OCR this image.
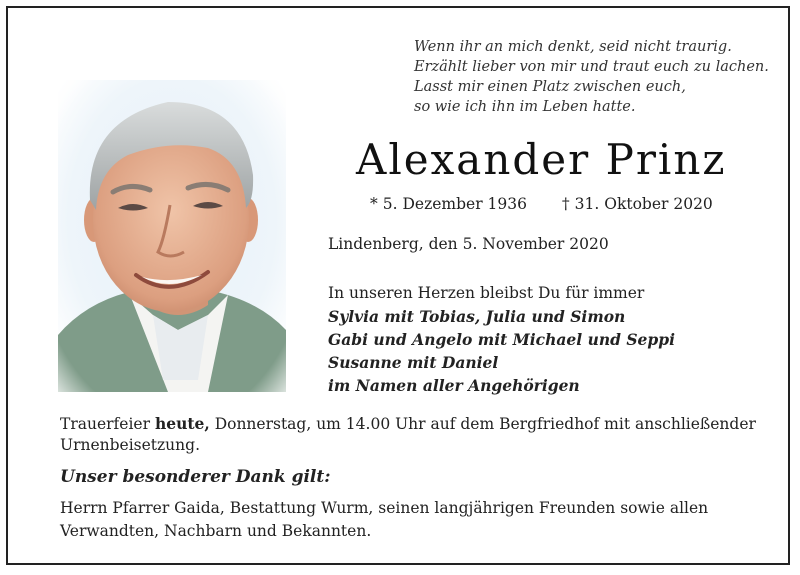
Wenn ihr an mich denkt, seid nicht traurig.
Erzählt lieber von mir und traut euch zu lachen.
Lasst mir einen Platz zwischen euch,
so wie ich ihn im Leben hatte.
Alexander Prinz
* 5. Dezember 1936 † 31. Oktober 2020
Lindenberg, den 5. November 2020
In unseren Herzen bleibst Du für immer
Sylvia mit Tobias, Julia und Simon
Gabi und Angelo mit Michael und Seppi
Susanne mit Daniel
im Namen aller Angehörigen
Trauerfeier heute, Donnerstag, um 14.00 Uhr auf dem Bergfriedhof mit anschließender Urnenbeisetzung.
Unser besonderer Dank gilt:
Herrn Pfarrer Gaida, Bestattung Wurm, seinen langjährigen Freunden sowie allen Verwandten, Nachbarn und Bekannten.
